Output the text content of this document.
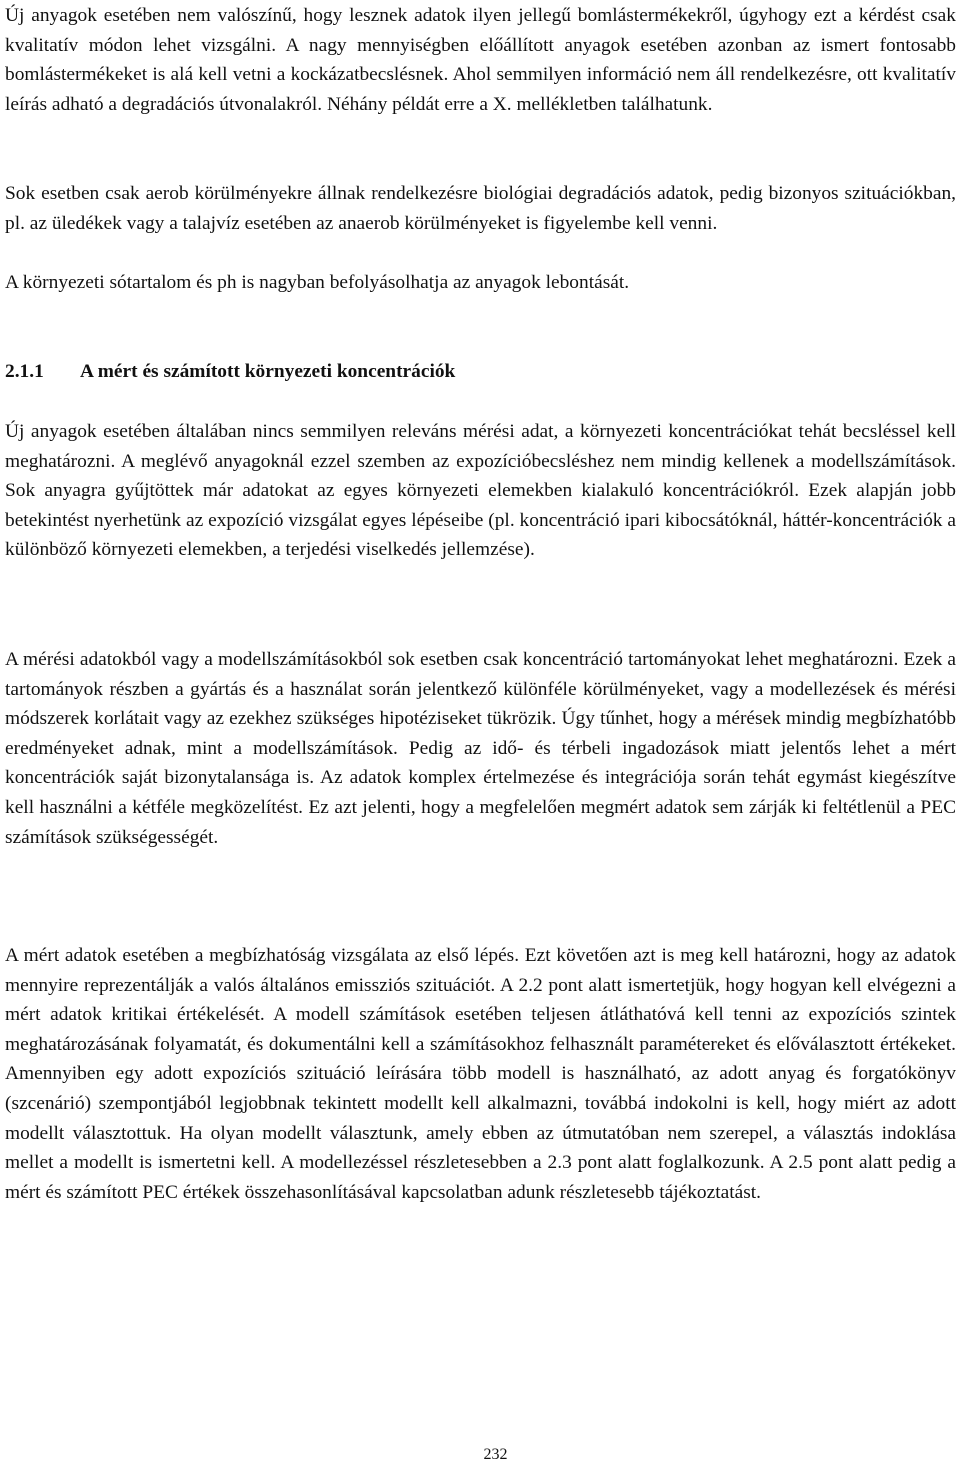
Új anyagok esetében nem valószínű, hogy lesznek adatok ilyen jellegű bomlástermékekről, úgyhogy ezt a kérdést csak kvalitatív módon lehet vizsgálni. A nagy mennyiségben előállított anyagok esetében azonban az ismert fontosabb bomlástermékeket is alá kell vetni a kockázatbecslésnek. Ahol semmilyen információ nem áll rendelkezésre, ott kvalitatív leírás adható a degradációs útvonalakról. Néhány példát erre a X. mellékletben találhatunk.

Sok esetben csak aerob körülményekre állnak rendelkezésre biológiai degradációs adatok, pedig bizonyos szituációkban, pl. az üledékek vagy a talajvíz esetében az anaerob körülményeket is figyelembe kell venni.

A környezeti sótartalom és ph is nagyban befolyásolhatja az anyagok lebontását.

2.1.1 A mért és számított környezeti koncentrációk

Új anyagok esetében általában nincs semmilyen releváns mérési adat, a környezeti koncentrációkat tehát becsléssel kell meghatározni. A meglévő anyagoknál ezzel szemben az expozícióbecsléshez nem mindig kellenek a modellszámítások. Sok anyagra gyűjtöttek már adatokat az egyes környezeti elemekben kialakuló koncentrációkról. Ezek alapján jobb betekintést nyerhetünk az expozíció vizsgálat egyes lépéseibe (pl. koncentráció ipari kibocsátóknál, háttér-koncentrációk a különböző környezeti elemekben, a terjedési viselkedés jellemzése).

A mérési adatokból vagy a modellszámításokból sok esetben csak koncentráció tartományokat lehet meghatározni. Ezek a tartományok részben a gyártás és a használat során jelentkező különféle körülményeket, vagy a modellezések és mérési módszerek korlátait vagy az ezekhez szükséges hipotéziseket tükrözik. Úgy tűnhet, hogy a mérések mindig megbízhatóbb eredményeket adnak, mint a modellszámítások. Pedig az idő- és térbeli ingadozások miatt jelentős lehet a mért koncentrációk saját bizonytalansága is. Az adatok komplex értelmezése és integrációja során tehát egymást kiegészítve kell használni a kétféle megközelítést. Ez azt jelenti, hogy a megfelelően megmért adatok sem zárják ki feltétlenül a PEC számítások szükségességét.

A mért adatok esetében a megbízhatóság vizsgálata az első lépés. Ezt követően azt is meg kell határozni, hogy az adatok mennyire reprezentálják a valós általános emissziós szituációt. A 2.2 pont alatt ismertetjük, hogy hogyan kell elvégezni a mért adatok kritikai értékelését. A modell számítások esetében teljesen átláthatóvá kell tenni az expozíciós szintek meghatározásának folyamatát, és dokumentálni kell a számításokhoz felhasznált paramétereket és előválasztott értékeket. Amennyiben egy adott expozíciós szituáció leírására több modell is használható, az adott anyag és forgatókönyv (szcenárió) szempontjából legjobbnak tekintett modellt kell alkalmazni, továbbá indokolni is kell, hogy miért az adott modellt választottuk. Ha olyan modellt választunk, amely ebben az útmutatóban nem szerepel, a választás indoklása mellet a modellt is ismertetni kell. A modellezéssel részletesebben a 2.3 pont alatt foglalkozunk. A 2.5 pont alatt pedig a mért és számított PEC értékek összehasonlításával kapcsolatban adunk részletesebb tájékoztatást.

232
